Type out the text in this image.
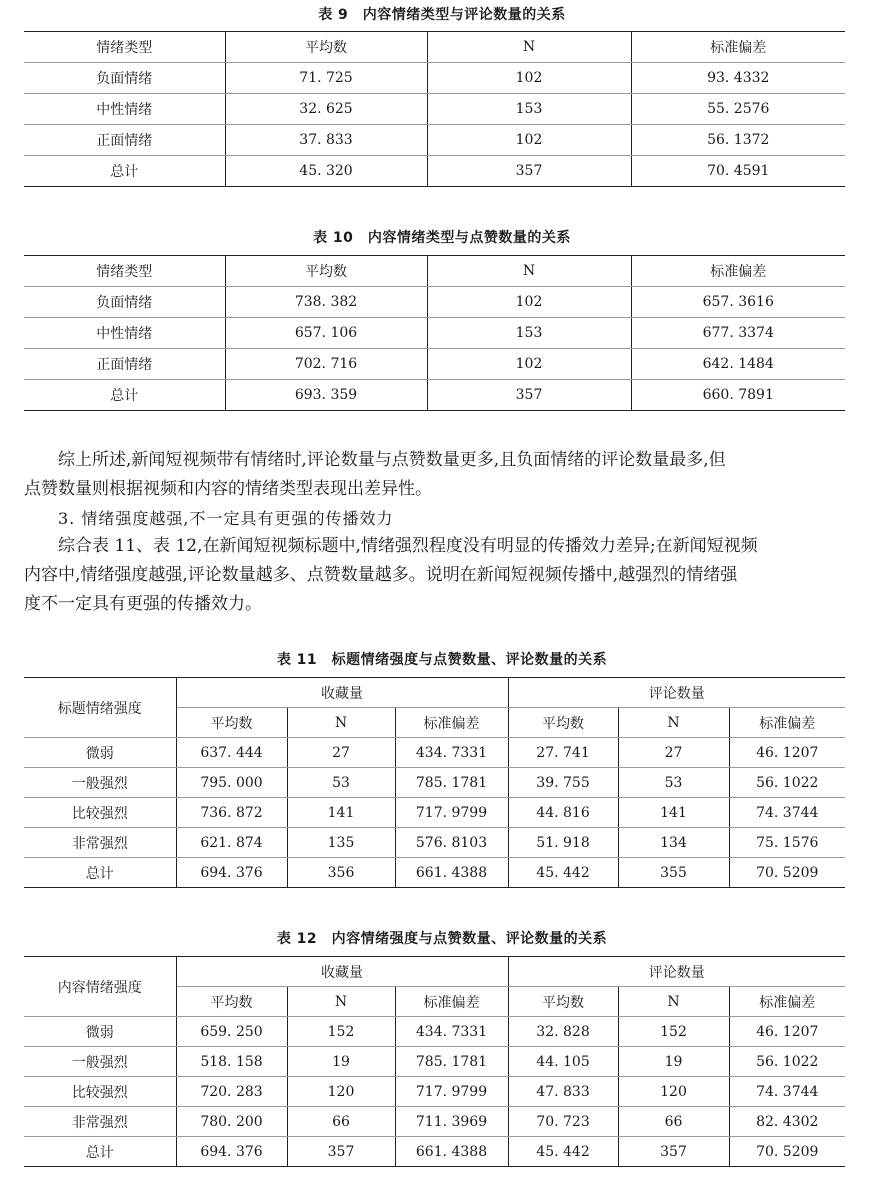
表 9　内容情绪类型与评论数量的关系
情绪类型	平均数	N	标准偏差
负面情绪	71. 725	102	93. 4332
中性情绪	32. 625	153	55. 2576
正面情绪	37. 833	102	56. 1372
总计	45. 320	357	70. 4591
表 10　内容情绪类型与点赞数量的关系
情绪类型	平均数	N	标准偏差
负面情绪	738. 382	102	657. 3616
中性情绪	657. 106	153	677. 3374
正面情绪	702. 716	102	642. 1484
总计	693. 359	357	660. 7891
综上所述,新闻短视频带有情绪时,评论数量与点赞数量更多,且负面情绪的评论数量最多,但
点赞数量则根据视频和内容的情绪类型表现出差异性。
3. 情绪强度越强,不一定具有更强的传播效力
综合表 11、表 12,在新闻短视频标题中,情绪强烈程度没有明显的传播效力差异;在新闻短视频
内容中,情绪强度越强,评论数量越多、点赞数量越多。说明在新闻短视频传播中,越强烈的情绪强
度不一定具有更强的传播效力。
表 11　标题情绪强度与点赞数量、评论数量的关系
标题情绪强度	收藏量			评论数量		
	平均数	N	标准偏差	平均数	N	标准偏差
微弱	637. 444	27	434. 7331	27. 741	27	46. 1207
一般强烈	795. 000	53	785. 1781	39. 755	53	56. 1022
比较强烈	736. 872	141	717. 9799	44. 816	141	74. 3744
非常强烈	621. 874	135	576. 8103	51. 918	134	75. 1576
总计	694. 376	356	661. 4388	45. 442	355	70. 5209
表 12　内容情绪强度与点赞数量、评论数量的关系
内容情绪强度	收藏量			评论数量		
	平均数	N	标准偏差	平均数	N	标准偏差
微弱	659. 250	152	434. 7331	32. 828	152	46. 1207
一般强烈	518. 158	19	785. 1781	44. 105	19	56. 1022
比较强烈	720. 283	120	717. 9799	47. 833	120	74. 3744
非常强烈	780. 200	66	711. 3969	70. 723	66	82. 4302
总计	694. 376	357	661. 4388	45. 442	357	70. 5209
